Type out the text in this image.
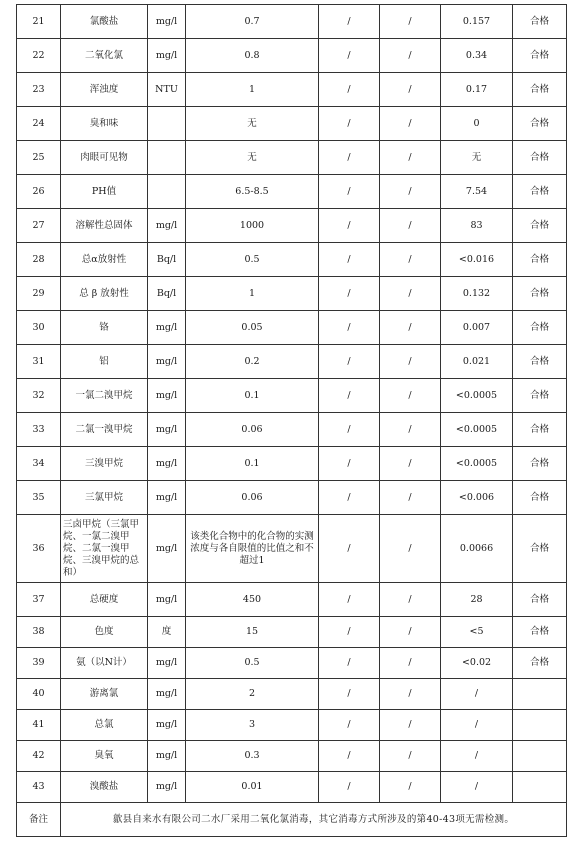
21	氯酸盐	mg/l	0.7	/	/	0.157	合格
22	二氧化氯	mg/l	0.8	/	/	0.34	合格
23	浑浊度	NTU	1	/	/	0.17	合格
24	臭和味		无	/	/	0	合格
25	肉眼可见物		无	/	/	无	合格
26	PH值		6.5-8.5	/	/	7.54	合格
27	溶解性总固体	mg/l	1000	/	/	83	合格
28	总α放射性	Bq/l	0.5	/	/	<0.016	合格
29	总 β 放射性	Bq/l	1	/	/	0.132	合格
30	铬	mg/l	0.05	/	/	0.007	合格
31	铝	mg/l	0.2	/	/	0.021	合格
32	一氯二溴甲烷	mg/l	0.1	/	/	<0.0005	合格
33	二氯一溴甲烷	mg/l	0.06	/	/	<0.0005	合格
34	三溴甲烷	mg/l	0.1	/	/	<0.0005	合格
35	三氯甲烷	mg/l	0.06	/	/	<0.006	合格
36	三卤甲烷（三氯甲烷、一氯二溴甲烷、二氯一溴甲烷、三溴甲烷的总和）	mg/l	该类化合物中的化合物的实测浓度与各自限值的比值之和不超过1	/	/	0.0066	合格
37	总硬度	mg/l	450	/	/	28	合格
38	色度	度	15	/	/	<5	合格
39	氨（以N计）	mg/l	0.5	/	/	<0.02	合格
40	游离氯	mg/l	2	/	/	/	
41	总氯	mg/l	3	/	/	/	
42	臭氧	mg/l	0.3	/	/	/	
43	溴酸盐	mg/l	0.01	/	/	/	
备注	歙县自来水有限公司二水厂采用二氧化氯消毒，其它消毒方式所涉及的第40-43项无需检测。						
